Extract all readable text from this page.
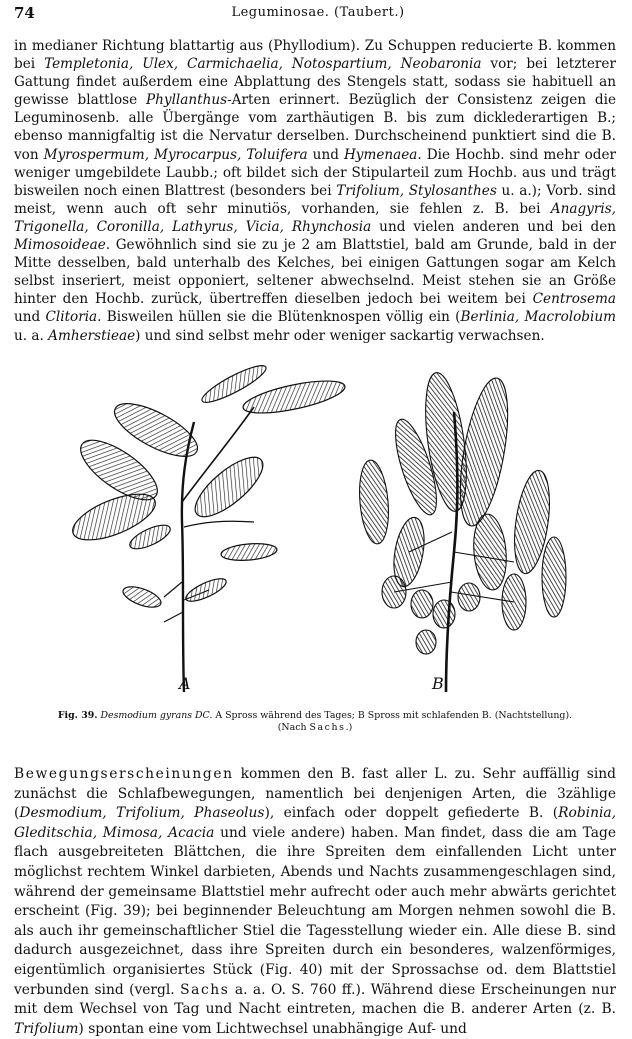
74	Leguminosae. (Taubert.)

in medianer Richtung blattartig aus (Phyllodium). Zu Schuppen reducierte B. kommen bei Templetonia, Ulex, Carmichaelia, Notospartium, Neobaronia vor; bei letzterer Gattung findet außerdem eine Abplattung des Stengels statt, sodass sie habituell an gewisse blattlose Phyllanthus-Arten erinnert. Bezüglich der Consistenz zeigen die Leguminosenb. alle Übergänge vom zarthäutigen B. bis zum dicklederartigen B.; ebenso mannigfaltig ist die Nervatur derselben. Durchscheinend punktiert sind die B. von Myrospermum, Myrocarpus, Toluifera und Hymenaea. Die Hochb. sind mehr oder weniger umgebildete Laubb.; oft bildet sich der Stipularteil zum Hochb. aus und trägt bisweilen noch einen Blattrest (besonders bei Trifolium, Stylosanthes u. a.); Vorb. sind meist, wenn auch oft sehr minutiös, vorhanden, sie fehlen z. B. bei Anagyris, Trigonella, Coronilla, Lathyrus, Vicia, Rhynchosia und vielen anderen und bei den Mimosoideae. Gewöhnlich sind sie zu je 2 am Blattstiel, bald am Grunde, bald in der Mitte desselben, bald unterhalb des Kelches, bei einigen Gattungen sogar am Kelch selbst inseriert, meist opponiert, seltener abwechselnd. Meist stehen sie an Größe hinter den Hochb. zurück, übertreffen dieselben jedoch bei weitem bei Centrosema und Clitoria. Bisweilen hüllen sie die Blütenknospen völlig ein (Berlinia, Macrolobium u. a. Amherstieae) und sind selbst mehr oder weniger sackartig verwachsen.

A	B
Fig. 39. Desmodium gyrans DC. A Spross während des Tages; B Spross mit schlafenden B. (Nachtstellung).
(Nach Sachs.)

Bewegungserscheinungen kommen den B. fast aller L. zu. Sehr auffällig sind zunächst die Schlafbewegungen, namentlich bei denjenigen Arten, die 3zählige (Desmodium, Trifolium, Phaseolus), einfach oder doppelt gefiederte B. (Robinia, Gleditschia, Mimosa, Acacia und viele andere) haben. Man findet, dass die am Tage flach ausgebreiteten Blättchen, die ihre Spreiten dem einfallenden Licht unter möglichst rechtem Winkel darbieten, Abends und Nachts zusammengeschlagen sind, während der gemeinsame Blattstiel mehr aufrecht oder auch mehr abwärts gerichtet erscheint (Fig. 39); bei beginnender Beleuchtung am Morgen nehmen sowohl die B. als auch ihr gemeinschaftlicher Stiel die Tagesstellung wieder ein. Alle diese B. sind dadurch ausgezeichnet, dass ihre Spreiten durch ein besonderes, walzenförmiges, eigentümlich organisiertes Stück (Fig. 40) mit der Sprossachse od. dem Blattstiel verbunden sind (vergl. Sachs a. a. O. S. 760 ff.). Während diese Erscheinungen nur mit dem Wechsel von Tag und Nacht eintreten, machen die B. anderer Arten (z. B. Trifolium) spontan eine vom Lichtwechsel unabhängige Auf- und
